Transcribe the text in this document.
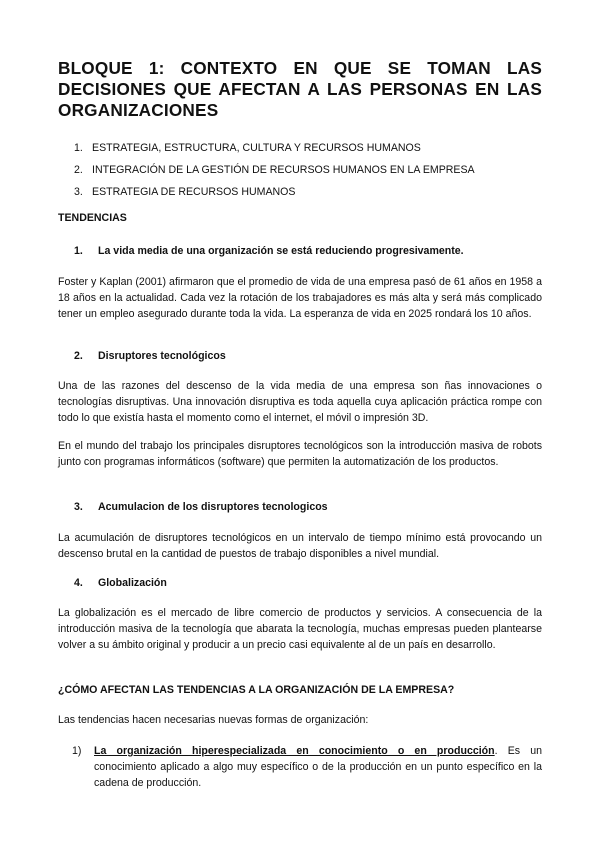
BLOQUE 1: CONTEXTO EN QUE SE TOMAN LAS DECISIONES QUE AFECTAN A LAS PERSONAS EN LAS ORGANIZACIONES
1. ESTRATEGIA, ESTRUCTURA, CULTURA Y RECURSOS HUMANOS
2. INTEGRACIÓN DE LA GESTIÓN DE RECURSOS HUMANOS EN LA EMPRESA
3. ESTRATEGIA DE RECURSOS HUMANOS
TENDENCIAS
1.	La vida media de una organización se está reduciendo progresivamente.

Foster y Kaplan (2001) afirmaron que el promedio de vida de una empresa pasó de 61 años en 1958 a 18 años en la actualidad. Cada vez la rotación de los trabajadores es más alta y será más complicado tener un empleo asegurado durante toda la vida. La esperanza de vida en 2025 rondará los 10 años.

2.	Disruptores tecnológicos

Una de las razones del descenso de la vida media de una empresa son ñas innovaciones o tecnologías disruptivas. Una innovación disruptiva es toda aquella cuya aplicación práctica rompe con todo lo que existía hasta el momento como el internet, el móvil o impresión 3D.

En el mundo del trabajo los principales disruptores tecnológicos son la introducción masiva de robots junto con programas informáticos (software) que permiten la automatización de los productos.

3.	Acumulacion de los disruptores tecnologicos

La acumulación de disruptores tecnológicos en un intervalo de tiempo mínimo está provocando un descenso brutal en la cantidad de puestos de trabajo disponibles a nivel mundial.

4.	Globalización

La globalización es el mercado de libre comercio de productos y servicios. A consecuencia de la introducción masiva de la tecnología que abarata la tecnología, muchas empresas pueden plantearse volver a su ámbito original y producir a un precio casi equivalente al de un país en desarrollo.

¿CÓMO AFECTAN LAS TENDENCIAS A LA ORGANIZACIÓN DE LA EMPRESA?

Las tendencias hacen necesarias nuevas formas de organización:

1)	La organización hiperespecializada en conocimiento o en producción. Es un conocimiento aplicado a algo muy específico o de la producción en un punto específico en la cadena de producción.
